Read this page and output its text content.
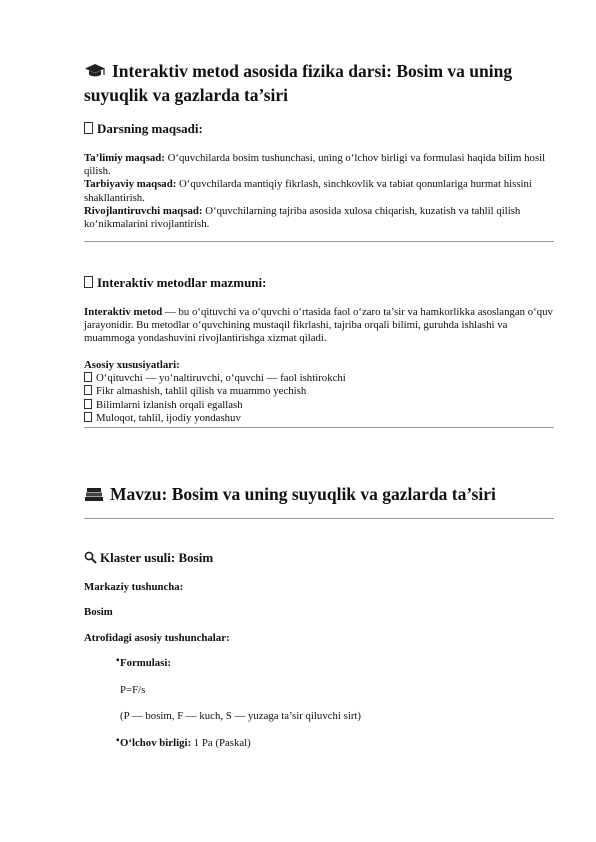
Interaktiv metod asosida fizika darsi: Bosim va uning suyuqlik va gazlarda ta’siri
Darsning maqsadi:

Ta’limiy maqsad: O‘quvchilarda bosim tushunchasi, uning o‘lchov birligi va formulasi haqida bilim hosil qilish.

Tarbiyaviy maqsad: O‘quvchilarda mantiqiy fikrlash, sinchkovlik va tabiat qonunlariga hurmat hissini shakllantirish.

Rivojlantiruvchi maqsad: O‘quvchilarning tajriba asosida xulosa chiqarish, kuzatish va tahlil qilish ko‘nikmalarini rivojlantirish.

Interaktiv metodlar mazmuni:

Interaktiv metod — bu o‘qituvchi va o‘quvchi o‘rtasida faol o‘zaro ta’sir va hamkorlikka asoslangan o‘quv jarayonidir. Bu metodlar o‘quvchining mustaqil fikrlashi, tajriba orqali bilimi, guruhda ishlashi va muammoga yondashuvini rivojlantirishga xizmat qiladi.

Asosiy xususiyatlari:

O‘qituvchi — yo‘naltiruvchi, o‘quvchi — faol ishtirokchi

Fikr almashish, tahlil qilish va muammo yechish

Bilimlarni izlanish orqali egallash

Muloqot, tahlil, ijodiy yondashuv

Mavzu: Bosim va uning suyuqlik va gazlarda ta’siri
Klaster usuli: Bosim

Markaziy tushuncha:

Bosim

Atrofidagi asosiy tushunchalar:

▪ Formulasi:

P=F/s

(P — bosim, F — kuch, S — yuzaga ta’sir qiluvchi sirt)

▪ O‘lchov birligi: 1 Pa (Paskal)
